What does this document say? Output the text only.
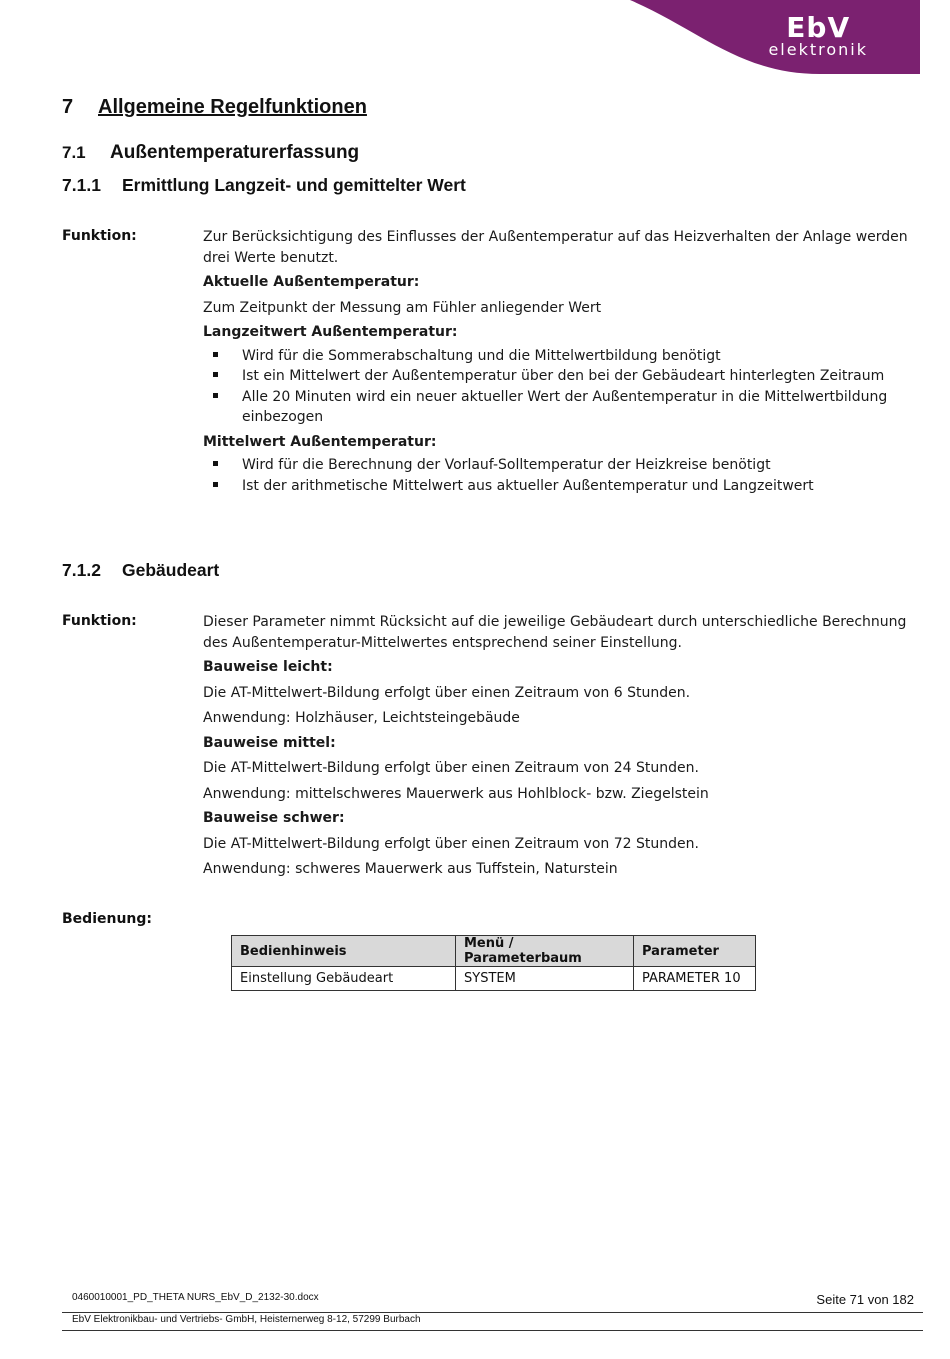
EbV
elektronik
7 Allgemeine Regelfunktionen
7.1 Außentemperaturerfassung
7.1.1 Ermittlung Langzeit- und gemittelter Wert
Funktion:	Zur Berücksichtigung des Einflusses der Außentemperatur auf das Heizverhalten der Anlage werden drei Werte benutzt.

Aktuelle Außentemperatur:

Zum Zeitpunkt der Messung am Fühler anliegender Wert

Langzeitwert Außentemperatur:

Wird für die Sommerabschaltung und die Mittelwertbildung benötigt
Ist ein Mittelwert der Außentemperatur über den bei der Gebäudeart hinterlegten Zeitraum
Alle 20 Minuten wird ein neuer aktueller Wert der Außentemperatur in die Mittelwertbildung einbezogen

Mittelwert Außentemperatur:

Wird für die Berechnung der Vorlauf-Solltemperatur der Heizkreise benötigt
Ist der arithmetische Mittelwert aus aktueller Außentemperatur und Langzeitwert
7.1.2 Gebäudeart
Funktion:	Dieser Parameter nimmt Rücksicht auf die jeweilige Gebäudeart durch unterschiedliche Berechnung des Außentemperatur-Mittelwertes entsprechend seiner Einstellung.

Bauweise leicht:

Die AT-Mittelwert-Bildung erfolgt über einen Zeitraum von 6 Stunden.

Anwendung: Holzhäuser, Leichtsteingebäude

Bauweise mittel:

Die AT-Mittelwert-Bildung erfolgt über einen Zeitraum von 24 Stunden.

Anwendung: mittelschweres Mauerwerk aus Hohlblock- bzw. Ziegelstein

Bauweise schwer:

Die AT-Mittelwert-Bildung erfolgt über einen Zeitraum von 72 Stunden.

Anwendung: schweres Mauerwerk aus Tuffstein, Naturstein

Bedienung:
Bedienhinweis	Menü / Parameterbaum	Parameter
Einstellung Gebäudeart	SYSTEM	PARAMETER 10
0460010001_PD_THETA NURS_EbV_D_2132-30.docx	Seite 71 von 182
EbV Elektronikbau- und Vertriebs- GmbH, Heisternerweg 8-12, 57299 Burbach
